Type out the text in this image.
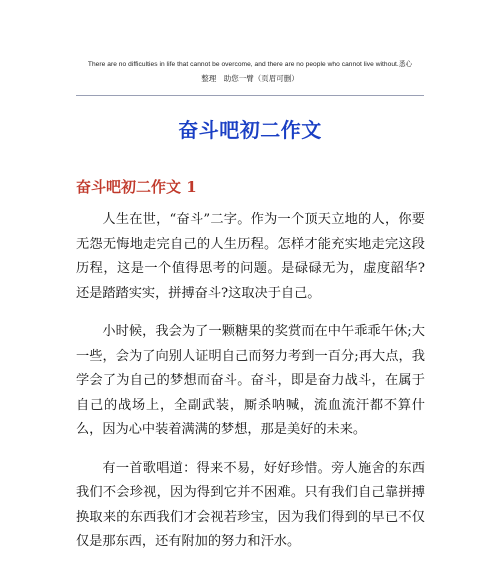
There are no difficulties in life that cannot be overcome, and there are no people who cannot live without.悉心
整理　助您一臂（页眉可删）
奋斗吧初二作文
奋斗吧初二作文 1

人生在世，“奋斗”二字。作为一个顶天立地的人，你要无怨无悔地走完自己的人生历程。怎样才能充实地走完这段历程，这是一个值得思考的问题。是碌碌无为，虚度韶华?还是踏踏实实，拼搏奋斗?这取决于自己。

小时候，我会为了一颗糖果的奖赏而在中午乖乖午休;大一些，会为了向别人证明自己而努力考到一百分;再大点，我学会了为自己的梦想而奋斗。奋斗，即是奋力战斗，在属于自己的战场上，全副武装，厮杀呐喊，流血流汗都不算什么，因为心中装着满满的梦想，那是美好的未来。

有一首歌唱道：得来不易，好好珍惜。旁人施舍的东西我们不会珍视，因为得到它并不困难。只有我们自己靠拼搏换取来的东西我们才会视若珍宝，因为我们得到的早已不仅仅是那东西，还有附加的努力和汗水。
